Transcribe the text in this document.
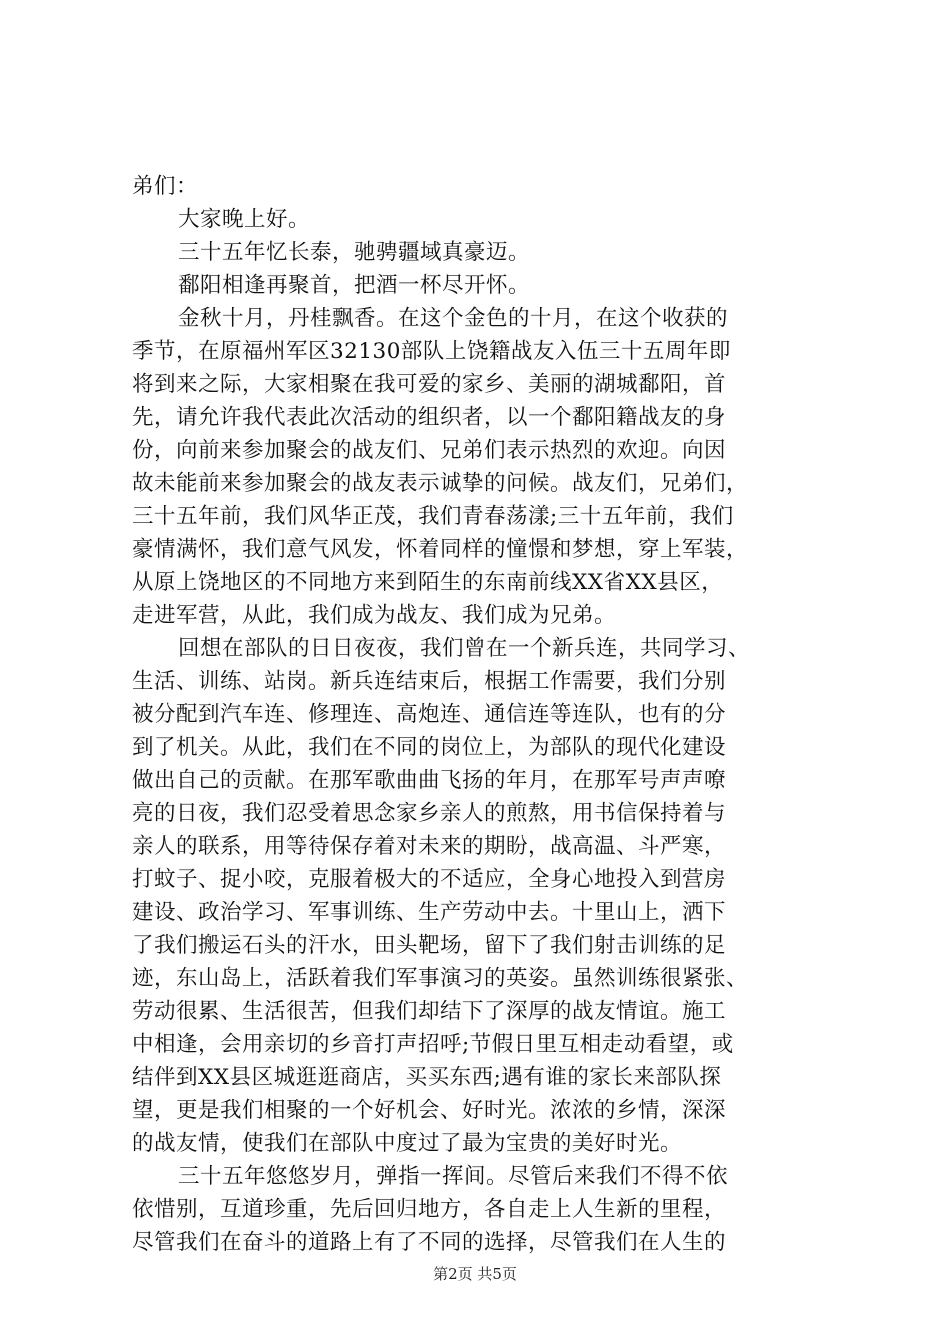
弟们：
大家晚上好。
三十五年忆长泰，驰骋疆域真豪迈。
鄱阳相逢再聚首，把酒一杯尽开怀。
金秋十月，丹桂飘香。在这个金色的十月，在这个收获的
季节，在原福州军区32130部队上饶籍战友入伍三十五周年即
将到来之际，大家相聚在我可爱的家乡、美丽的湖城鄱阳，首
先，请允许我代表此次活动的组织者，以一个鄱阳籍战友的身
份，向前来参加聚会的战友们、兄弟们表示热烈的欢迎。向因
故未能前来参加聚会的战友表示诚挚的问候。战友们，兄弟们，
三十五年前，我们风华正茂，我们青春荡漾;三十五年前，我们
豪情满怀，我们意气风发，怀着同样的憧憬和梦想，穿上军装，
从原上饶地区的不同地方来到陌生的东南前线XX省XX县区，
走进军营，从此，我们成为战友、我们成为兄弟。
回想在部队的日日夜夜，我们曾在一个新兵连，共同学习、
生活、训练、站岗。新兵连结束后，根据工作需要，我们分别
被分配到汽车连、修理连、高炮连、通信连等连队，也有的分
到了机关。从此，我们在不同的岗位上，为部队的现代化建设
做出自己的贡献。在那军歌曲曲飞扬的年月，在那军号声声嘹
亮的日夜，我们忍受着思念家乡亲人的煎熬，用书信保持着与
亲人的联系，用等待保存着对未来的期盼，战高温、斗严寒，
打蚊子、捉小咬，克服着极大的不适应，全身心地投入到营房
建设、政治学习、军事训练、生产劳动中去。十里山上，洒下
了我们搬运石头的汗水，田头靶场，留下了我们射击训练的足
迹，东山岛上，活跃着我们军事演习的英姿。虽然训练很紧张、
劳动很累、生活很苦，但我们却结下了深厚的战友情谊。施工
中相逢，会用亲切的乡音打声招呼;节假日里互相走动看望，或
结伴到XX县区城逛逛商店，买买东西;遇有谁的家长来部队探
望，更是我们相聚的一个好机会、好时光。浓浓的乡情，深深
的战友情，使我们在部队中度过了最为宝贵的美好时光。
三十五年悠悠岁月，弹指一挥间。尽管后来我们不得不依
依惜别，互道珍重，先后回归地方，各自走上人生新的里程，
尽管我们在奋斗的道路上有了不同的选择，尽管我们在人生的
第2页 共5页
